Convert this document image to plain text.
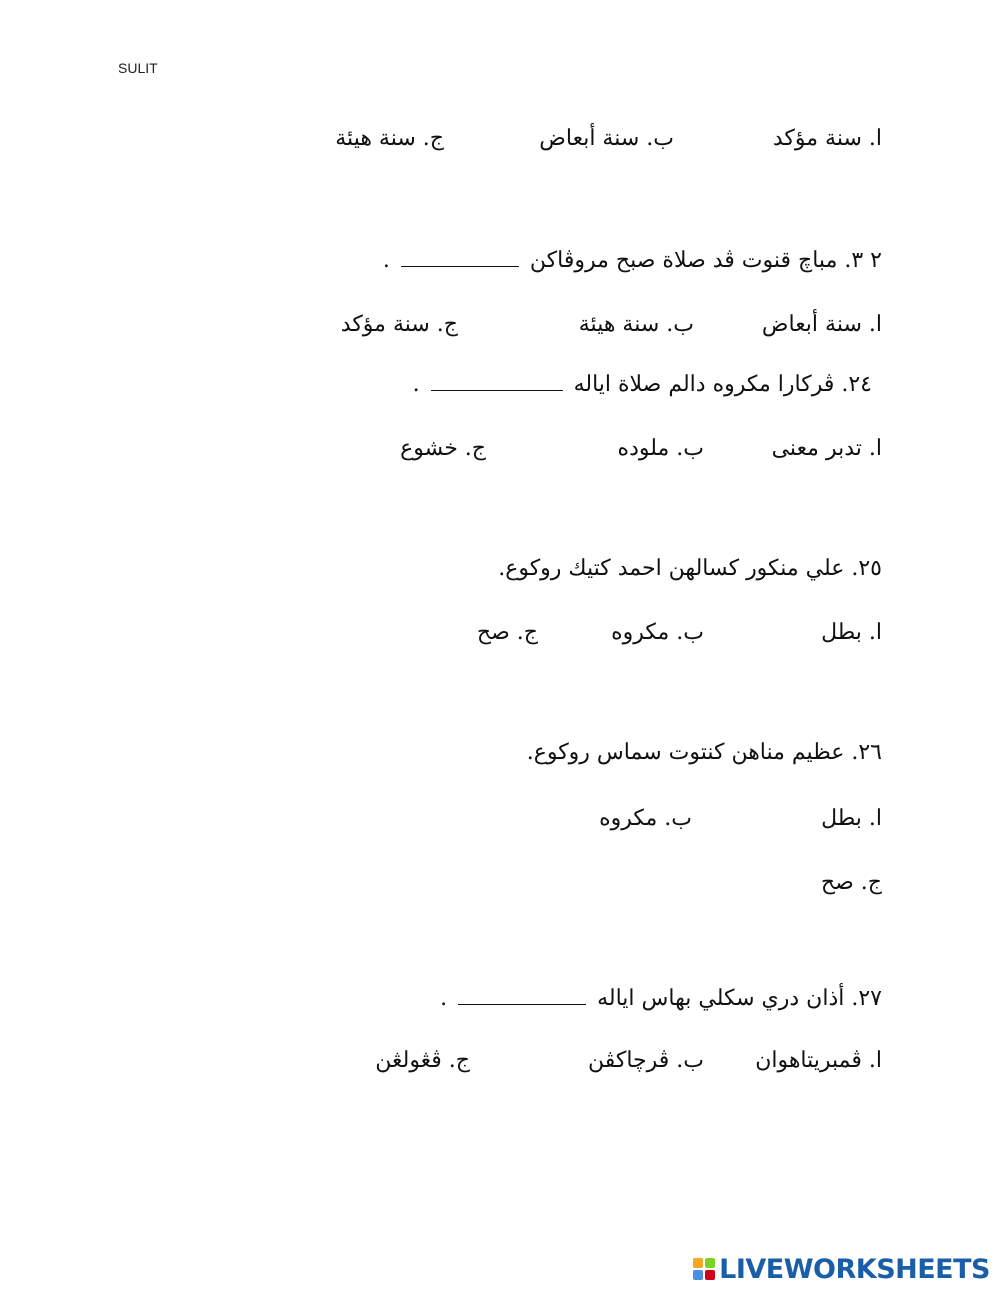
SULIT
ا. سنة مؤكد
ب. سنة أبعاض
ج. سنة هيئة
٢ ٣. مباچ قنوت ڤد صلاة صبح مروڤاكن  .
ا. سنة أبعاض
ب. سنة هيئة
ج. سنة مؤكد
٢٤. ڤركارا مكروه دالم صلاة اياله  .
ا. تدبر معنى
ب. ملوده
ج. خشوع
٢٥. علي منكور كسالهن احمد كتيك روكوع.
ا. بطل
ب. مكروه
ج. صح
٢٦. عظيم مناهن كنتوت سماس روكوع.
ا. بطل
ب. مكروه
ج. صح
٢٧. أذان دري سكلي بهاس اياله  .
ا. ڤمبريتاهوان
ب. ڤرچاكڤن
ج. ڤڠولڠن
LIVEWORKSHEETS
